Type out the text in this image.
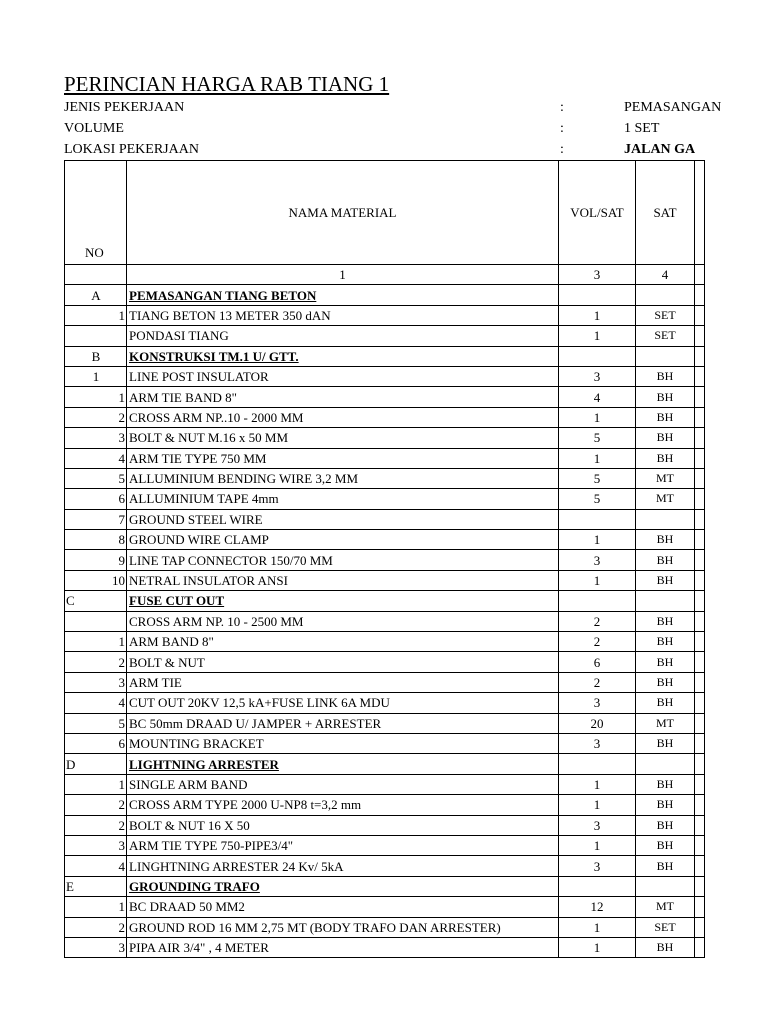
PERINCIAN HARGA RAB TIANG 1
JENIS PEKERJAAN	:	PEMASANGAN
VOLUME	:	1 SET
LOKASI PEKERJAAN	:	JALAN GA
NO	NAMA MATERIAL	VOL/SAT	SAT	
	1	3	4	
A	PEMASANGAN TIANG BETON			
1	TIANG BETON 13 METER 350 dAN	1	SET	
	PONDASI TIANG	1	SET	
B	KONSTRUKSI TM.1 U/ GTT.			
1	LINE POST INSULATOR	3	BH	
1	ARM TIE BAND 8"	4	BH	
2	CROSS ARM NP..10 - 2000 MM	1	BH	
3	BOLT & NUT M.16 x 50 MM	5	BH	
4	ARM TIE TYPE 750 MM	1	BH	
5	ALLUMINIUM BENDING WIRE 3,2 MM	5	MT	
6	ALLUMINIUM TAPE 4mm	5	MT	
7	GROUND STEEL WIRE			
8	GROUND WIRE CLAMP	1	BH	
9	LINE TAP CONNECTOR 150/70 MM	3	BH	
10	NETRAL INSULATOR ANSI	1	BH	
C	FUSE CUT OUT			
	CROSS ARM NP. 10 - 2500 MM	2	BH	
1	ARM BAND 8"	2	BH	
2	BOLT & NUT	6	BH	
3	ARM TIE	2	BH	
4	CUT OUT 20KV 12,5 kA+FUSE LINK 6A MDU	3	BH	
5	BC 50mm DRAAD U/ JAMPER + ARRESTER	20	MT	
6	MOUNTING BRACKET	3	BH	
D	LIGHTNING ARRESTER			
1	SINGLE ARM BAND	1	BH	
2	CROSS ARM TYPE 2000 U-NP8 t=3,2 mm	1	BH	
2	BOLT & NUT 16 X 50	3	BH	
3	ARM TIE TYPE 750-PIPE3/4"	1	BH	
4	LINGHTNING ARRESTER 24 Kv/ 5kA	3	BH	
E	GROUNDING TRAFO			
1	BC DRAAD 50 MM2	12	MT	
2	GROUND ROD 16 MM 2,75 MT (BODY TRAFO DAN ARRESTER)	1	SET	
3	PIPA AIR 3/4" , 4 METER	1	BH	
